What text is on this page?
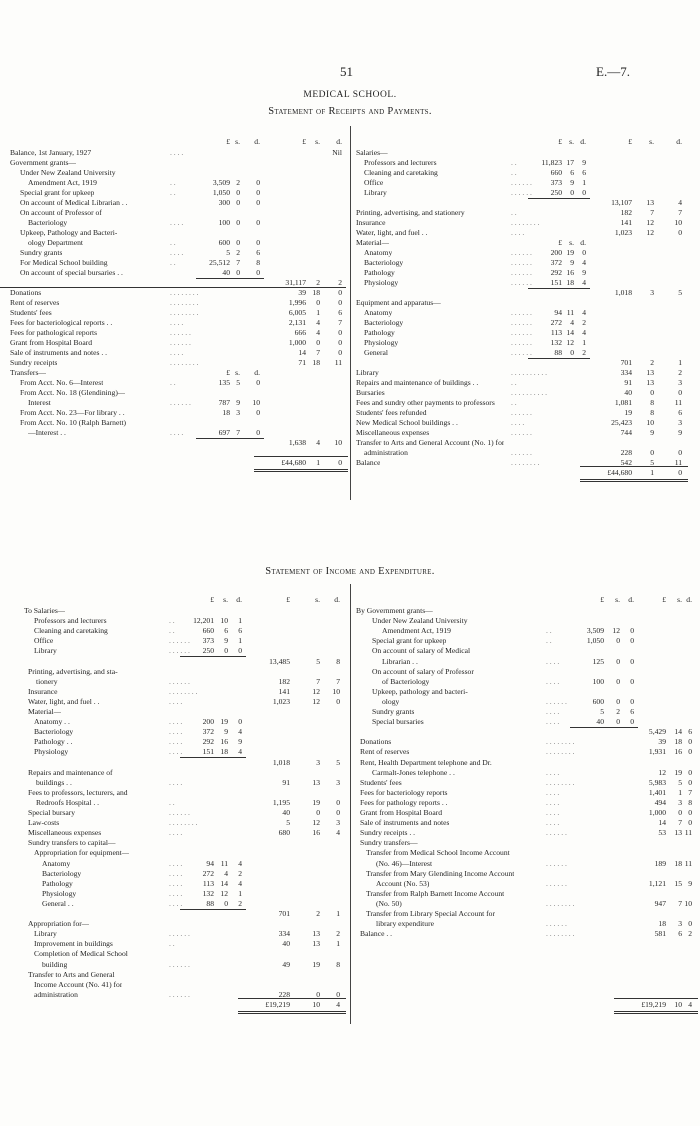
51	E.—7.
MEDICAL SCHOOL.
Statement of Receipts and Payments.
£ s.	d.	£	s.	d.
Balance, 1st January, 1927	. . . .	Nil
Government grants—
Under New Zealand University
Amendment Act, 1919	. .	3,509 2	0
Special grant for upkeep	. .	1,050 0	0
On account of Medical Librarian . .	300 0	0
On account of Professor of
Bacteriology	. . . .	100 0	0
Upkeep, Pathology and Bacteri-
ology Department	. .	600 0	0
Sundry grants	. . . .	5 2	6
For Medical School building	. .	25,512 7	8
On account of special bursaries . .	40 0	0
31,117	2	2
Donations	. . . . . . . .	39 18	0
Rent of reserves	. . . . . . . .	1,996	0	0
Students' fees	. . . . . . . .	6,005	1	6
Fees for bacteriological reports . .	. . . .	2,131	4	7
Fees for pathological reports	. . . . . .	666	4	0
Grant from Hospital Board	. . . . . .	1,000	0	0
Sale of instruments and notes . .	. . . .	14	7	0
Sundry receipts	. . . . . . . .	71 18	11
Transfers—	£ s.	d.
From Acct. No. 6—Interest	. .	135 5	0
From Acct. No. 18 (Glendining)—
Interest	. . . . . .	787 9	10
From Acct. No. 23—For library . .	18 3	0
From Acct. No. 10 (Ralph Barnett)
—Interest . .	. . . .	697 7	0
1,638	4	10
£44,680	1	0
£ s. d.	£	s.	d.
Salaries—
Professors and lecturers	. .	11,823 17	9
Cleaning and caretaking	. .	660	6	6
Office	. . . . . .	373	9	1
Library	. . . . . .	250	0	0
13,107	13	4
Printing, advertising, and stationery	. .	182	7	7
Insurance	. . . . . . . .	141	12	10
Water, light, and fuel . .	. . . .	1,023	12	0
Material—	£ s. d.
Anatomy	. . . . . .	200 19	0
Bacteriology	. . . . . .	372	9	4
Pathology	. . . . . .	292 16	9
Physiology	. . . . . .	151 18	4
1,018	3	5
Equipment and apparatus—
Anatomy	. . . . . .	94 11	4
Bacteriology	. . . . . .	272	4	2
Pathology	. . . . . .	113 14	4
Physiology	. . . . . .	132 12	1
General	. . . . . .	88	0	2
701	2	1
Library	. . . . . . . . . .	334	13	2
Repairs and maintenance of buildings . .	. .	91	13	3
Bursaries	. . . . . . . . . .	40	0	0
Fees and sundry other payments to professors . .	1,081	8	11
Students' fees refunded	. . . . . .	19	8	6
New Medical School buildings . .	. . . .	25,423	10	3
Miscellaneous expenses	. . . . . .	744	9	9
Transfer to Arts and General Account (No. 1) for
administration	. . . . . .	228	0	0
Balance	. . . . . . . .	542	5	11
£44,680	1	0
Statement of Income and Expenditure.
£	s.	d.	£	s.	d.
To Salaries—
Professors and lecturers	. .	12,201 10	1
Cleaning and caretaking	. .	660	6	6
Office	. . . . . .	373	9	1
Library	. . . . . .	250	0	0
13,485	5	8
Printing, advertising, and sta-
tionery	. . . . . .	182	7	7
Insurance	. . . . . . . .	141	12	10
Water, light, and fuel . .	. . . .	1,023	12	0
Material—
Anatomy . .	. . . .	200 19	0
Bacteriology	. . . .	372	9	4
Pathology . .	. . . .	292 16	9
Physiology	. . . .	151 18	4
1,018	3	5
Repairs and maintenance of
buildings . .	. . . .	91	13	3
Fees to professors, lecturers, and
Redroofs Hospital . .	. .	1,195	19	0
Special bursary	. . . . . .	40	0	0
Law-costs	. . . . . . . .	5	12	3
Miscellaneous expenses	. . . .	680	16	4
Sundry transfers to capital—
Appropriation for equipment—
Anatomy	. . . .	94 11	4
Bacteriology	. . . .	272	4	2
Pathology	. . . .	113 14	4
Physiology	. . . .	132 12	1
General . .	. . . .	88	0	2
701	2	1
Appropriation for—
Library	. . . . . .	334	13	2
Improvement in buildings	. .	40	13	1
Completion of Medical School
building	. . . . . .	49	19	8
Transfer to Arts and General
Income Account (No. 41) for
administration	. . . . . .	228	0	0
£19,219	10	4
£	s.	d.	£	s. d.
By Government grants—
Under New Zealand University
Amendment Act, 1919	. .	3,509	12	0
Special grant for upkeep	. .	1,050	0	0
On account of salary of Medical
Librarian . .	. . . .	125	0	0
On account of salary of Professor
of Bacteriology	. . . .	100	0	0
Upkeep, pathology and bacteri-
ology	. . . . . .	600	0	0
Sundry grants	. . . .	5	2	6
Special bursaries	. . . .	40	0	0
5,429	14 6
Donations	. . . . . . . .	39	18 0
Rent of reserves	. . . . . . . .	1,931	16 0
Rent, Health Department telephone and Dr.
Carmalt-Jones telephone . .	. . . .	12	19 0
Students' fees	. . . . . . . .	5,983	5 0
Fees for bacteriology reports	. . . .	1,401	1 7
Fees for pathology reports . .	. . . .	494	3 8
Grant from Hospital Board	. . . .	1,000	0 0
Sale of instruments and notes	. . . .	14	7 0
Sundry receipts . .	. . . . . .	53	13 11
Sundry transfers—
Transfer from Medical School Income Account
(No. 46)—Interest	. . . . . .	189	18 11
Transfer from Mary Glendining Income Account
Account (No. 53)	. . . . . .	1,121	15 9
Transfer from Ralph Barnett Income Account
(No. 50)	. . . . . . . .	947	7 10
Transfer from Library Special Account for
library expenditure	. . . . . .	18	3 0
Balance . .	. . . . . . . .	581	6 2
£19,219	10 4
